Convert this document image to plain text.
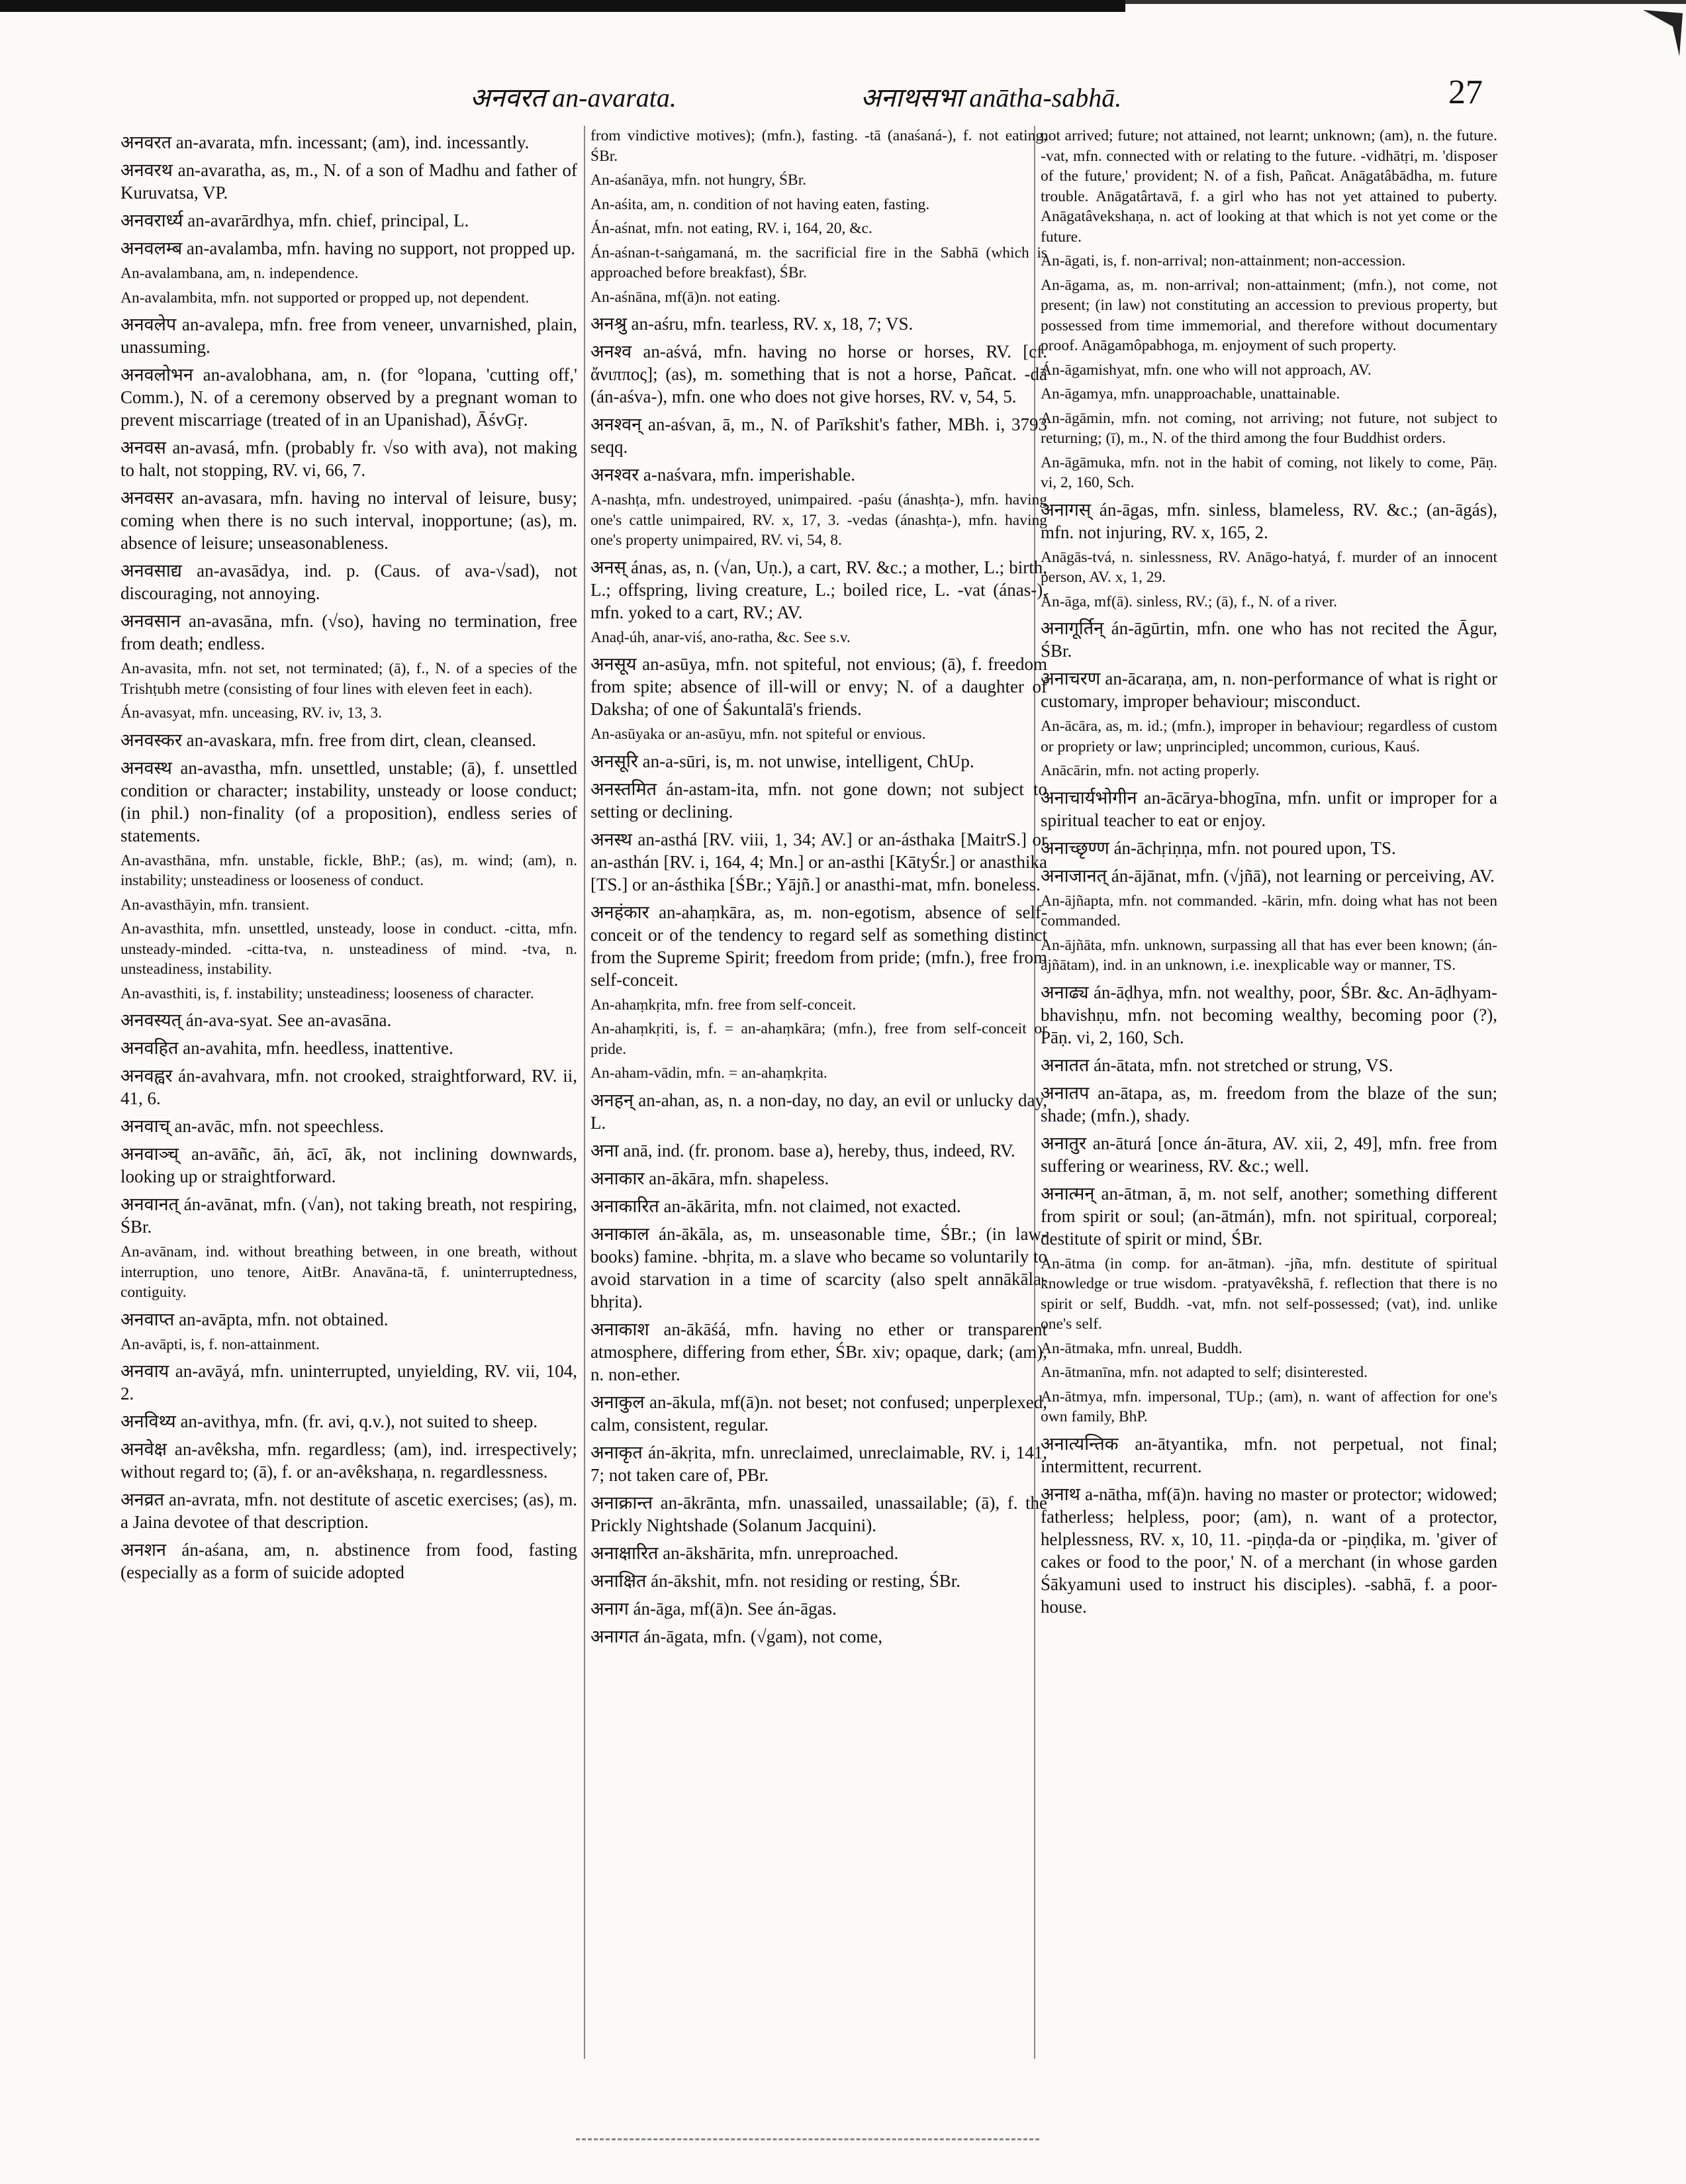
अनवरत an-avarata.	अनाथसभा anātha-sabhā.	27

अनवरत an-avarata, mfn. incessant; (am), ind. incessantly.

अनवरथ an-avaratha, as, m., N. of a son of Madhu and father of Kuruvatsa, VP.

अनवरार्ध्य an-avarārdhya, mfn. chief, principal, L.

अनवलम्ब an-avalamba, mfn. having no support, not propped up.

An-avalambana, am, n. independence.

An-avalambita, mfn. not supported or propped up, not dependent.

अनवलेप an-avalepa, mfn. free from veneer, unvarnished, plain, unassuming.

अनवलोभन an-avalobhana, am, n. (for °lopana, 'cutting off,' Comm.), N. of a ceremony observed by a pregnant woman to prevent miscarriage (treated of in an Upanishad), ĀśvGṛ.

अनवस an-avasá, mfn. (probably fr. √so with ava), not making to halt, not stopping, RV. vi, 66, 7.

अनवसर an-avasara, mfn. having no interval of leisure, busy; coming when there is no such interval, inopportune; (as), m. absence of leisure; unseasonableness.

अनवसाद्य an-avasādya, ind. p. (Caus. of ava-√sad), not discouraging, not annoying.

अनवसान an-avasāna, mfn. (√so), having no termination, free from death; endless.

An-avasita, mfn. not set, not terminated; (ā), f., N. of a species of the Trishṭubh metre (consisting of four lines with eleven feet in each).

Án-avasyat, mfn. unceasing, RV. iv, 13, 3.

अनवस्कर an-avaskara, mfn. free from dirt, clean, cleansed.

अनवस्थ an-avastha, mfn. unsettled, unstable; (ā), f. unsettled condition or character; instability, unsteady or loose conduct; (in phil.) non-finality (of a proposition), endless series of statements.

An-avasthāna, mfn. unstable, fickle, BhP.; (as), m. wind; (am), n. instability; unsteadiness or looseness of conduct.

An-avasthāyin, mfn. transient.

An-avasthita, mfn. unsettled, unsteady, loose in conduct. -citta, mfn. unsteady-minded. -citta-tva, n. unsteadiness of mind. -tva, n. unsteadiness, instability.

An-avasthiti, is, f. instability; unsteadiness; looseness of character.

अनवस्यत् án-ava-syat. See an-avasāna.

अनवहित an-avahita, mfn. heedless, inattentive.

अनवह्वर án-avahvara, mfn. not crooked, straightforward, RV. ii, 41, 6.

अनवाच् an-avāc, mfn. not speechless.

अनवाञ्च् an-avāñc, āṅ, ācī, āk, not inclining downwards, looking up or straightforward.

अनवानत् án-avānat, mfn. (√an), not taking breath, not respiring, ŚBr.

An-avānam, ind. without breathing between, in one breath, without interruption, uno tenore, AitBr. Anavāna-tā, f. uninterruptedness, contiguity.

अनवाप्त an-avāpta, mfn. not obtained.

An-avāpti, is, f. non-attainment.

अनवाय an-avāyá, mfn. uninterrupted, unyielding, RV. vii, 104, 2.

अनविथ्य an-avithya, mfn. (fr. avi, q.v.), not suited to sheep.

अनवेक्ष an-avêksha, mfn. regardless; (am), ind. irrespectively; without regard to; (ā), f. or an-avêkshaṇa, n. regardlessness.

अनव्रत an-avrata, mfn. not destitute of ascetic exercises; (as), m. a Jaina devotee of that description.

अनशन án-aśana, am, n. abstinence from food, fasting (especially as a form of suicide adopted

from vindictive motives); (mfn.), fasting. -tā (anaśaná-), f. not eating, ŚBr.

An-aśanāya, mfn. not hungry, ŚBr.

An-aśita, am, n. condition of not having eaten, fasting.

Án-aśnat, mfn. not eating, RV. i, 164, 20, &c.

Án-aśnan-t-saṅgamaná, m. the sacrificial fire in the Sabhā (which is approached before breakfast), ŚBr.

An-aśnāna, mf(ā)n. not eating.

अनश्रु an-aśru, mfn. tearless, RV. x, 18, 7; VS.

अनश्व an-aśvá, mfn. having no horse or horses, RV. [cf. ἄνιππος]; (as), m. something that is not a horse, Pañcat. -dā (án-aśva-), mfn. one who does not give horses, RV. v, 54, 5.

अनश्वन् an-aśvan, ā, m., N. of Parīkshit's father, MBh. i, 3793 seqq.

अनश्वर a-naśvara, mfn. imperishable.

A-nashṭa, mfn. undestroyed, unimpaired. -paśu (ánashṭa-), mfn. having one's cattle unimpaired, RV. x, 17, 3. -vedas (ánashṭa-), mfn. having one's property unimpaired, RV. vi, 54, 8.

अनस् ánas, as, n. (√an, Uṇ.), a cart, RV. &c.; a mother, L.; birth, L.; offspring, living creature, L.; boiled rice, L. -vat (ánas-), mfn. yoked to a cart, RV.; AV.

Anaḍ-úh, anar-viś, ano-ratha, &c. See s.v.

अनसूय an-asūya, mfn. not spiteful, not envious; (ā), f. freedom from spite; absence of ill-will or envy; N. of a daughter of Daksha; of one of Śakuntalā's friends.

An-asūyaka or an-asūyu, mfn. not spiteful or envious.

अनसूरि an-a-sūri, is, m. not unwise, intelligent, ChUp.

अनस्तमित án-astam-ita, mfn. not gone down; not subject to setting or declining.

अनस्थ an-asthá [RV. viii, 1, 34; AV.] or an-ásthaka [MaitrS.] or an-asthán [RV. i, 164, 4; Mn.] or an-asthi [KātyŚr.] or anasthika [TS.] or an-ásthika [ŚBr.; Yājñ.] or anasthi-mat, mfn. boneless.

अनहंकार an-ahaṃkāra, as, m. non-egotism, absence of self-conceit or of the tendency to regard self as something distinct from the Supreme Spirit; freedom from pride; (mfn.), free from self-conceit.

An-ahaṃkṛita, mfn. free from self-conceit.

An-ahaṃkṛiti, is, f. = an-ahaṃkāra; (mfn.), free from self-conceit or pride.

An-aham-vādin, mfn. = an-ahaṃkṛita.

अनहन् an-ahan, as, n. a non-day, no day, an evil or unlucky day, L.

अना anā, ind. (fr. pronom. base a), hereby, thus, indeed, RV.

अनाकार an-ākāra, mfn. shapeless.

अनाकारित an-ākārita, mfn. not claimed, not exacted.

अनाकाल án-ākāla, as, m. unseasonable time, ŚBr.; (in law-books) famine. -bhṛita, m. a slave who became so voluntarily to avoid starvation in a time of scarcity (also spelt annākāla-bhṛita).

अनाकाश an-ākāśá, mfn. having no ether or transparent atmosphere, differing from ether, ŚBr. xiv; opaque, dark; (am), n. non-ether.

अनाकुल an-ākula, mf(ā)n. not beset; not confused; unperplexed, calm, consistent, regular.

अनाकृत án-ākṛita, mfn. unreclaimed, unreclaimable, RV. i, 141, 7; not taken care of, PBr.

अनाक्रान्त an-ākrānta, mfn. unassailed, unassailable; (ā), f. the Prickly Nightshade (Solanum Jacquini).

अनाक्षारित an-ākshārita, mfn. unreproached.

अनाक्षित án-ākshit, mfn. not residing or resting, ŚBr.

अनाग án-āga, mf(ā)n. See án-āgas.

अनागत án-āgata, mfn. (√gam), not come,

not arrived; future; not attained, not learnt; unknown; (am), n. the future. -vat, mfn. connected with or relating to the future. -vidhātṛi, m. 'disposer of the future,' provident; N. of a fish, Pañcat. Anāgatâbādha, m. future trouble. Anāgatârtavā, f. a girl who has not yet attained to puberty. Anāgatâvekshaṇa, n. act of looking at that which is not yet come or the future.

An-āgati, is, f. non-arrival; non-attainment; non-accession.

An-āgama, as, m. non-arrival; non-attainment; (mfn.), not come, not present; (in law) not constituting an accession to previous property, but possessed from time immemorial, and therefore without documentary proof. Anāgamôpabhoga, m. enjoyment of such property.

Án-āgamishyat, mfn. one who will not approach, AV.

An-āgamya, mfn. unapproachable, unattainable.

An-āgāmin, mfn. not coming, not arriving; not future, not subject to returning; (ī), m., N. of the third among the four Buddhist orders.

An-āgāmuka, mfn. not in the habit of coming, not likely to come, Pāṇ. vi, 2, 160, Sch.

अनागस् án-āgas, mfn. sinless, blameless, RV. &c.; (an-āgás), mfn. not injuring, RV. x, 165, 2.

Anāgās-tvá, n. sinlessness, RV. Anāgo-hatyá, f. murder of an innocent person, AV. x, 1, 29.

Án-āga, mf(ā). sinless, RV.; (ā), f., N. of a river.

अनागूर्तिन् án-āgūrtin, mfn. one who has not recited the Āgur, ŚBr.

अनाचरण an-ācaraṇa, am, n. non-performance of what is right or customary, improper behaviour; misconduct.

An-ācāra, as, m. id.; (mfn.), improper in behaviour; regardless of custom or propriety or law; unprincipled; uncommon, curious, Kauś.

Anācārin, mfn. not acting properly.

अनाचार्यभोगीन an-ācārya-bhogīna, mfn. unfit or improper for a spiritual teacher to eat or enjoy.

अनाच्छृण्ण án-āchṛiṇṇa, mfn. not poured upon, TS.

अनाजानत् án-ājānat, mfn. (√jñā), not learning or perceiving, AV.

An-ājñapta, mfn. not commanded. -kārin, mfn. doing what has not been commanded.

An-ājñāta, mfn. unknown, surpassing all that has ever been known; (án-ājñātam), ind. in an unknown, i.e. inexplicable way or manner, TS.

अनाढ्य án-āḍhya, mfn. not wealthy, poor, ŚBr. &c. An-āḍhyam-bhavishṇu, mfn. not becoming wealthy, becoming poor (?), Pāṇ. vi, 2, 160, Sch.

अनातत án-ātata, mfn. not stretched or strung, VS.

अनातप an-ātapa, as, m. freedom from the blaze of the sun; shade; (mfn.), shady.

अनातुर an-āturá [once án-ātura, AV. xii, 2, 49], mfn. free from suffering or weariness, RV. &c.; well.

अनात्मन् an-ātman, ā, m. not self, another; something different from spirit or soul; (an-ātmán), mfn. not spiritual, corporeal; destitute of spirit or mind, ŚBr.

An-ātma (in comp. for an-ātman). -jña, mfn. destitute of spiritual knowledge or true wisdom. -pratyavêkshā, f. reflection that there is no spirit or self, Buddh. -vat, mfn. not self-possessed; (vat), ind. unlike one's self.

An-ātmaka, mfn. unreal, Buddh.

An-ātmanīna, mfn. not adapted to self; disinterested.

An-ātmya, mfn. impersonal, TUp.; (am), n. want of affection for one's own family, BhP.

अनात्यन्तिक an-ātyantika, mfn. not perpetual, not final; intermittent, recurrent.

अनाथ a-nātha, mf(ā)n. having no master or protector; widowed; fatherless; helpless, poor; (am), n. want of a protector, helplessness, RV. x, 10, 11. -piṇḍa-da or -piṇḍika, m. 'giver of cakes or food to the poor,' N. of a merchant (in whose garden Śākyamuni used to instruct his disciples). -sabhā, f. a poor-house.
